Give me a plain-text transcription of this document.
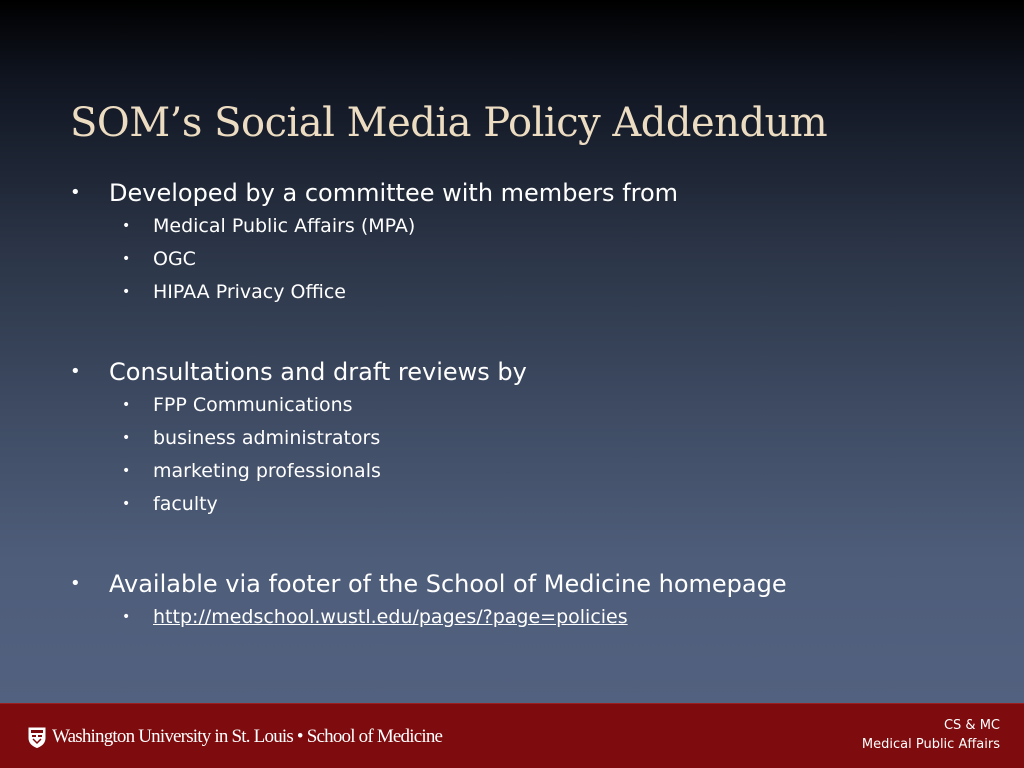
SOM’s Social Media Policy Addendum
• Developed by a committee with members from
• Medical Public Affairs (MPA)
• OGC
• HIPAA Privacy Office
• Consultations and draft reviews by
• FPP Communications
• business administrators
• marketing professionals
• faculty
• Available via footer of the School of Medicine homepage
• http://medschool.wustl.edu/pages/?page=policies
Washington University in St. Louis • School of Medicine
CS & MC
Medical Public Affairs
